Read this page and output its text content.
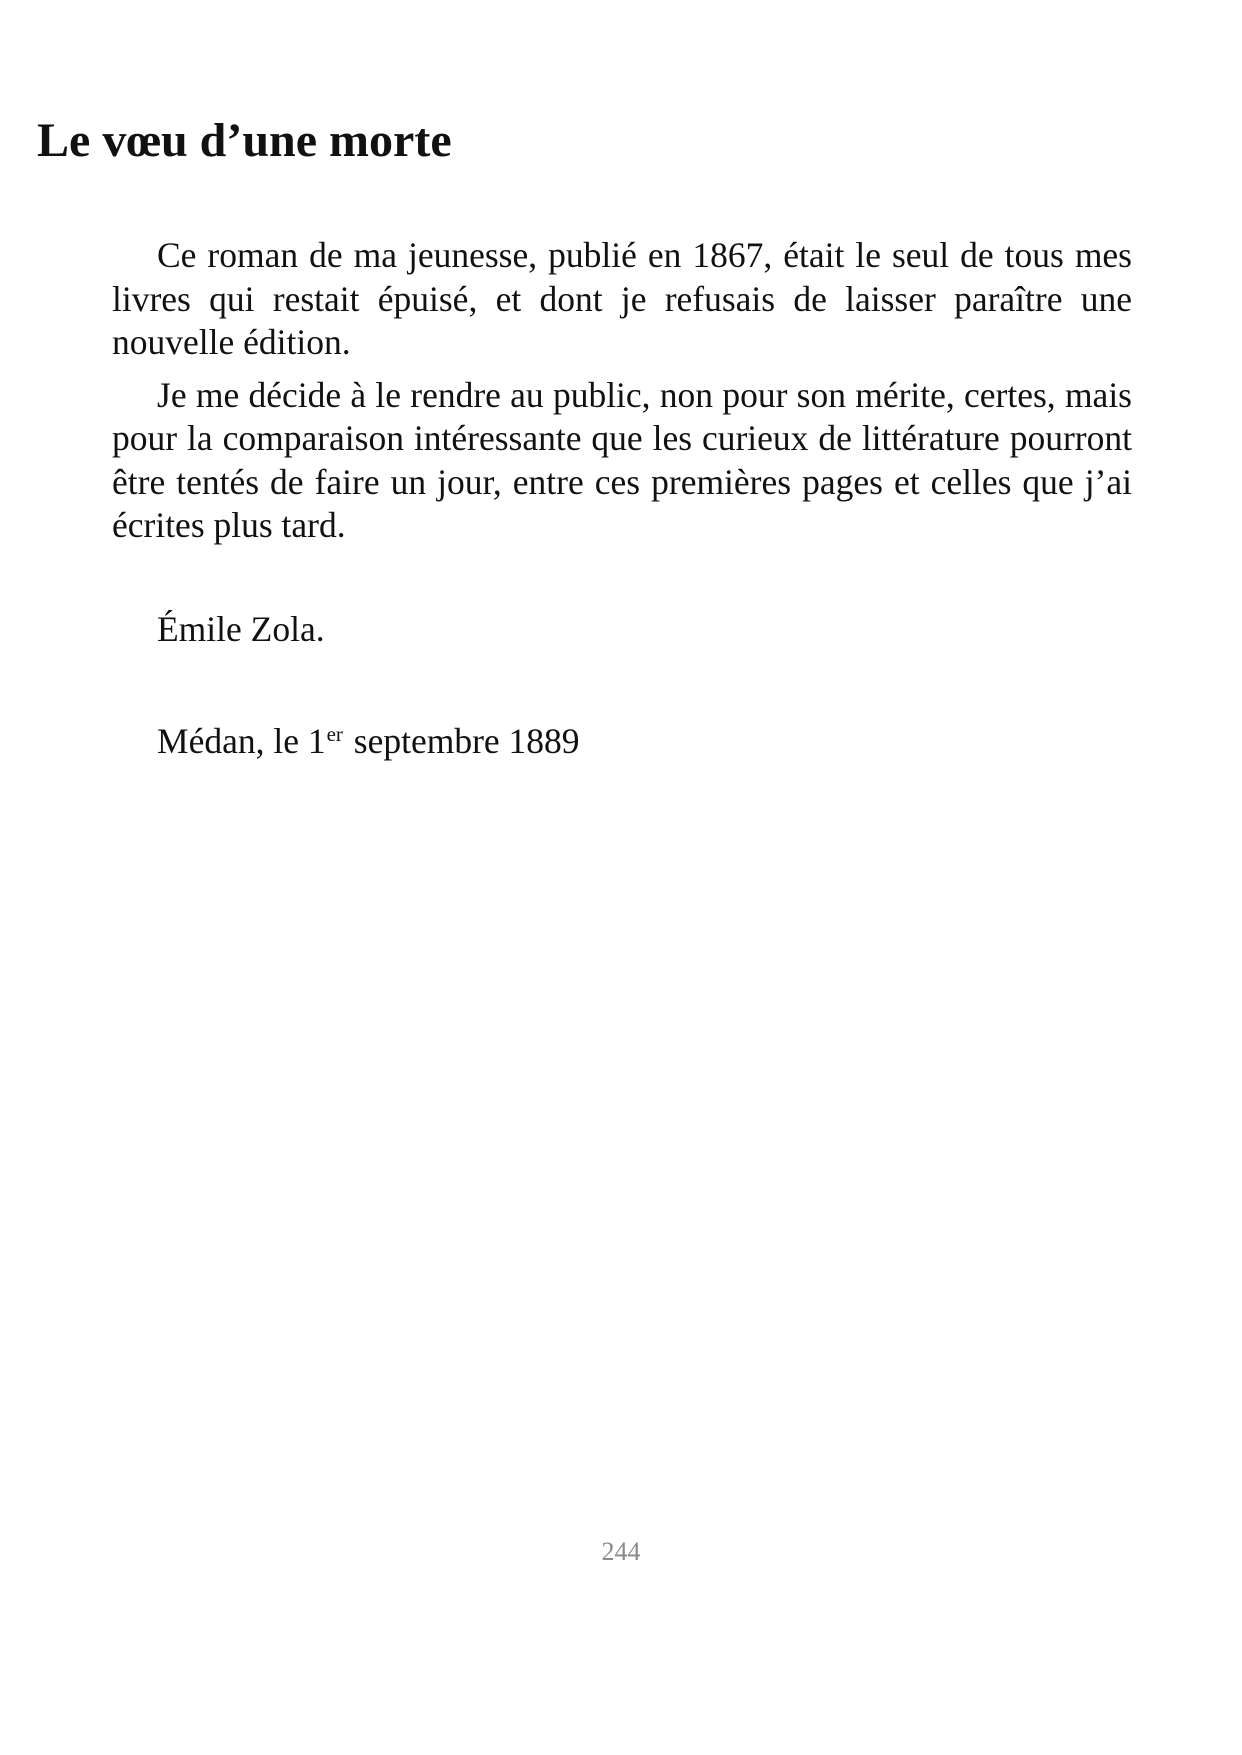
Le vœu d’une morte

Ce roman de ma jeunesse, publié en 1867, était le seul de tous mes livres qui restait épuisé, et dont je refusais de laisser paraître une nouvelle édition.

Je me décide à le rendre au public, non pour son mérite, certes, mais pour la comparaison intéressante que les curieux de littérature pourront être tentés de faire un jour, entre ces premières pages et celles que j’ai écrites plus tard.

Émile Zola.

Médan, le 1er septembre 1889

244
